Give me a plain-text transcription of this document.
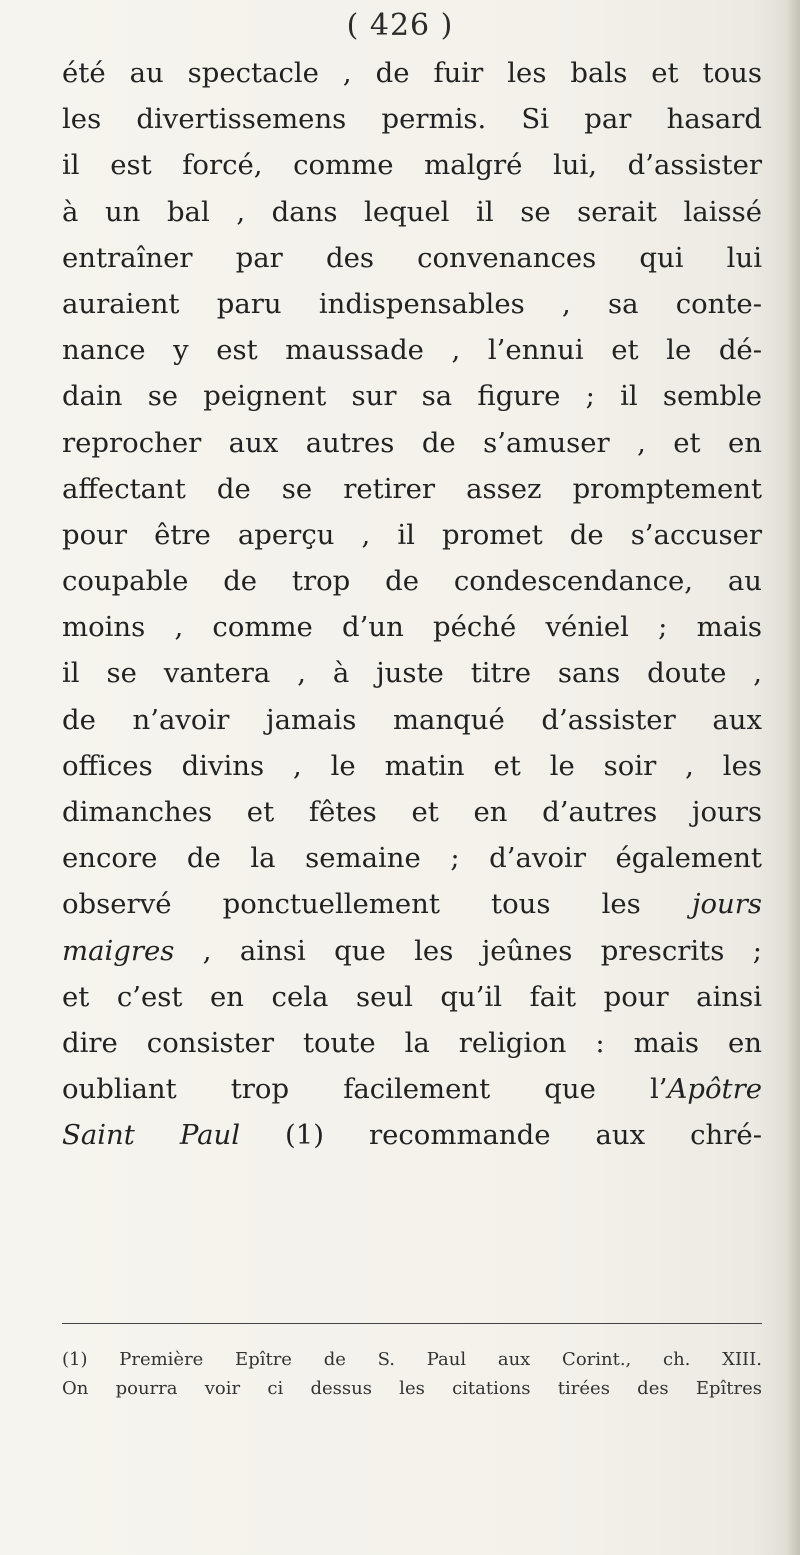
( 426 )
été au spectacle , de fuir les bals et tous
les divertissemens permis. Si par hasard
il est forcé, comme malgré lui, d’assister
à un bal , dans lequel il se serait laissé
entraîner par des convenances qui lui
auraient paru indispensables , sa conte-
nance y est maussade , l’ennui et le dé-
dain se peignent sur sa figure ; il semble
reprocher aux autres de s’amuser , et en
affectant de se retirer assez promptement
pour être aperçu , il promet de s’accuser
coupable de trop de condescendance, au
moins , comme d’un péché véniel ; mais
il se vantera , à juste titre sans doute ,
de n’avoir jamais manqué d’assister aux
offices divins , le matin et le soir , les
dimanches et fêtes et en d’autres jours
encore de la semaine ; d’avoir également
observé ponctuellement tous les jours
maigres , ainsi que les jeûnes prescrits ;
et c’est en cela seul qu’il fait pour ainsi
dire consister toute la religion : mais en
oubliant trop facilement que l’Apôtre
Saint Paul (1) recommande aux chré-
(1) Première Epître de S. Paul aux Corint., ch. XIII.
On pourra voir ci dessus les citations tirées des Epîtres
